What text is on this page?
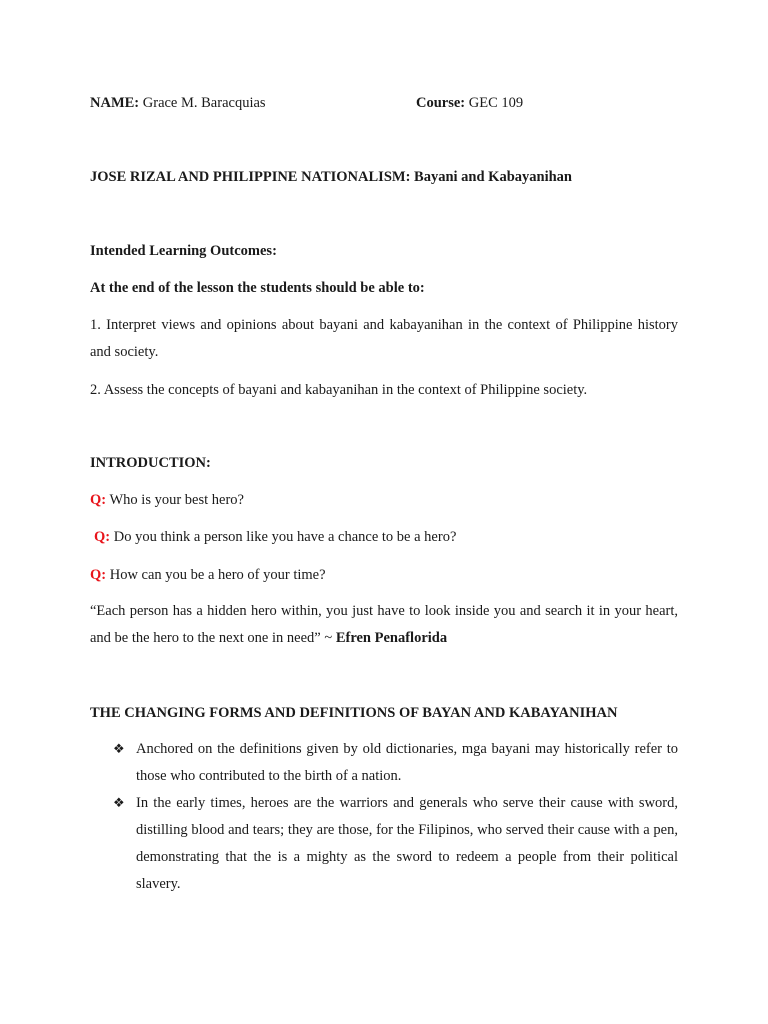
NAME: Grace M. Baracquias	Course: GEC 109
JOSE RIZAL AND PHILIPPINE NATIONALISM: Bayani and Kabayanihan
Intended Learning Outcomes:
At the end of the lesson the students should be able to:
1. Interpret views and opinions about bayani and kabayanihan in the context of Philippine history and society.
2. Assess the concepts of bayani and kabayanihan in the context of Philippine society.
INTRODUCTION:
Q: Who is your best hero?
Q: Do you think a person like you have a chance to be a hero?
Q: How can you be a hero of your time?
“Each person has a hidden hero within, you just have to look inside you and search it in your heart, and be the hero to the next one in need” ~ Efren Penaflorida
THE CHANGING FORMS AND DEFINITIONS OF BAYAN AND KABAYANIHAN
❖ Anchored on the definitions given by old dictionaries, mga bayani may historically refer to those who contributed to the birth of a nation.
❖ In the early times, heroes are the warriors and generals who serve their cause with sword, distilling blood and tears; they are those, for the Filipinos, who served their cause with a pen, demonstrating that the is a mighty as the sword to redeem a people from their political slavery.
